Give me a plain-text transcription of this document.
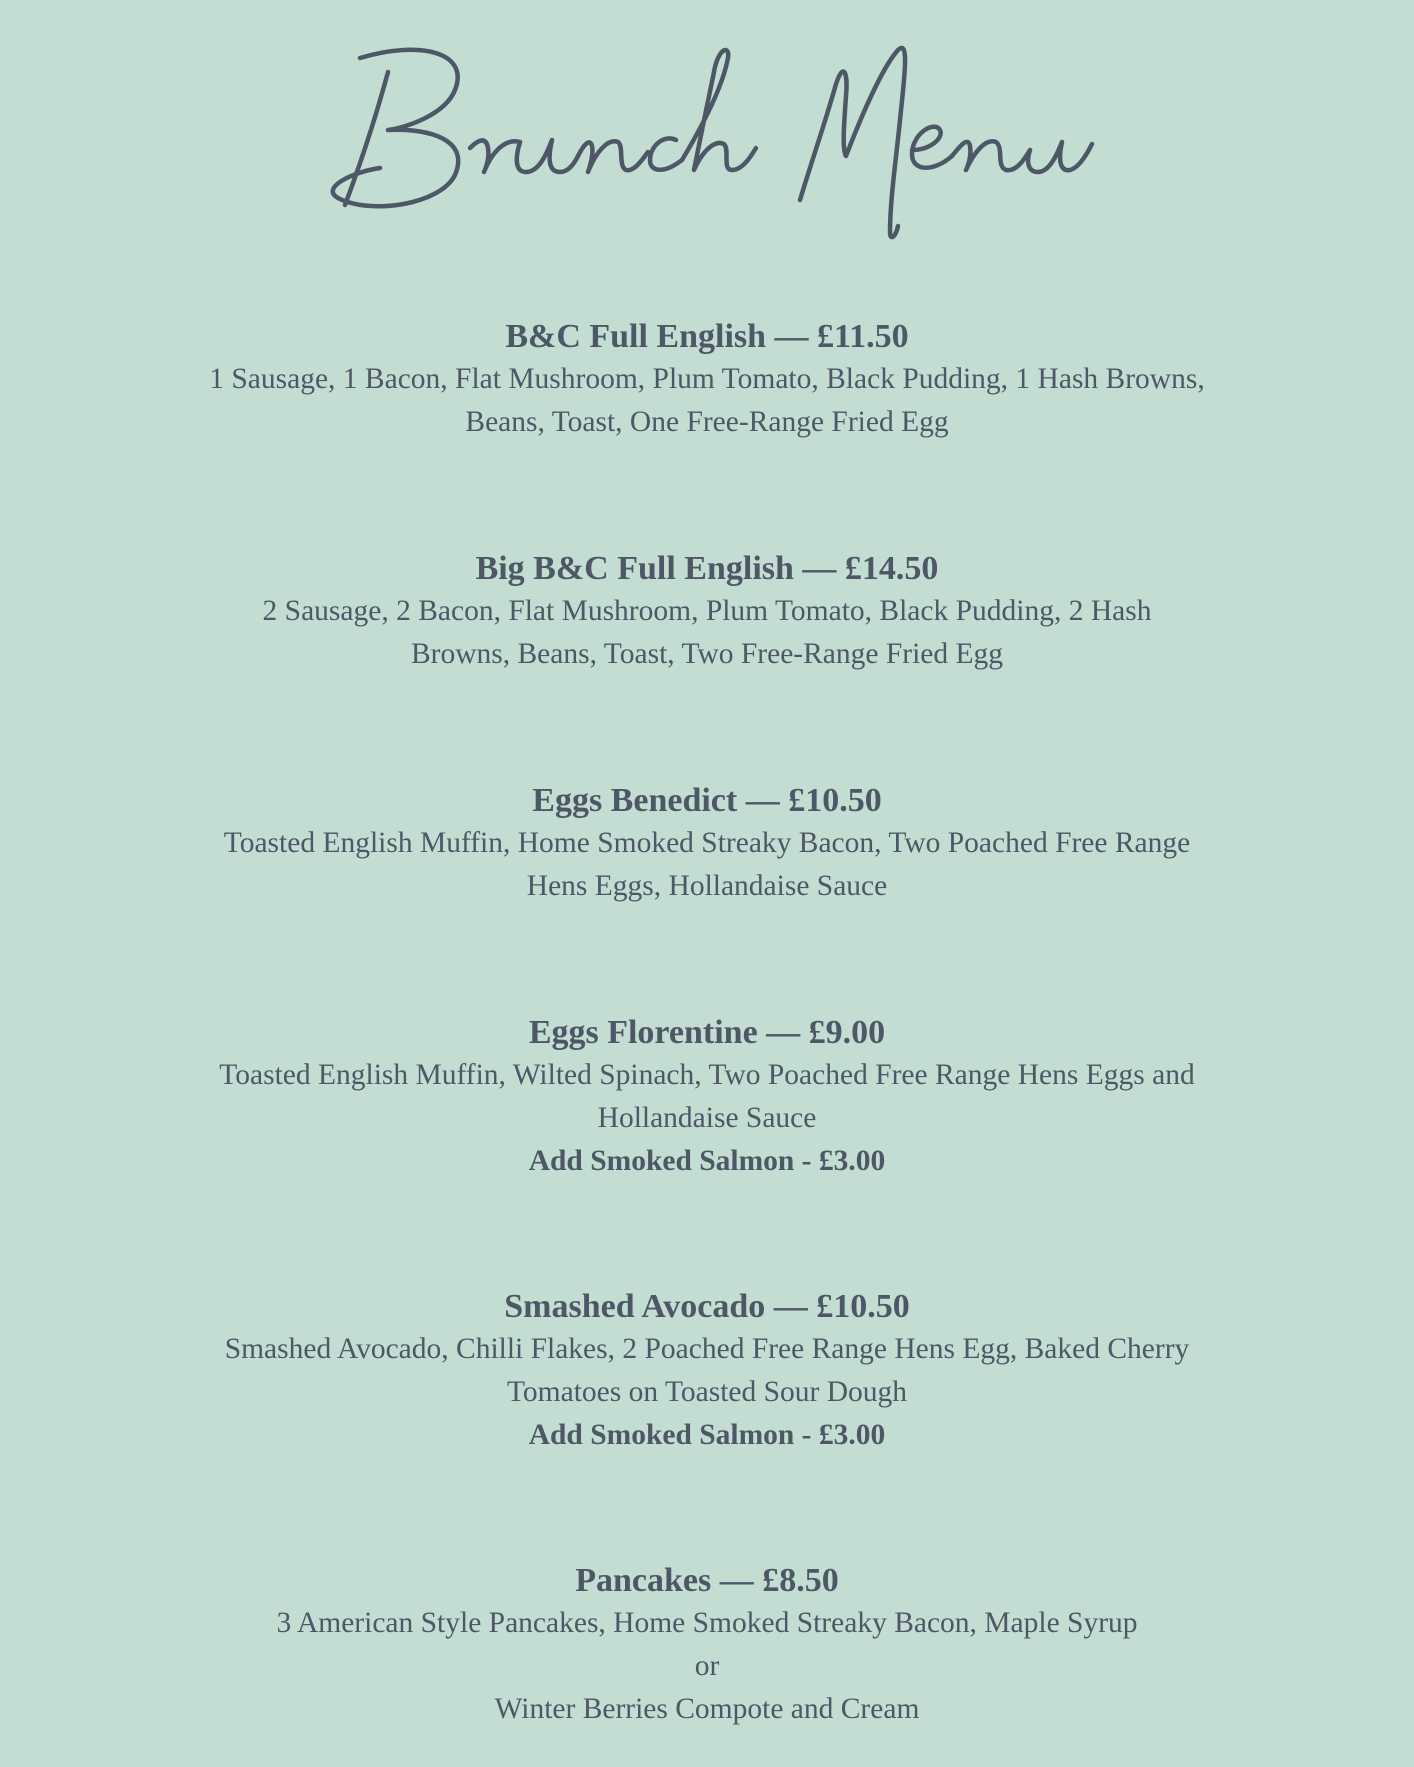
B&C Full English — £11.50

1 Sausage, 1 Bacon, Flat Mushroom, Plum Tomato, Black Pudding, 1 Hash Browns,
Beans, Toast, One Free-Range Fried Egg

Big B&C Full English — £14.50

2 Sausage, 2 Bacon, Flat Mushroom, Plum Tomato, Black Pudding, 2 Hash
Browns, Beans, Toast, Two Free-Range Fried Egg

Eggs Benedict — £10.50

Toasted English Muffin, Home Smoked Streaky Bacon, Two Poached Free Range
Hens Eggs, Hollandaise Sauce

Eggs Florentine — £9.00

Toasted English Muffin, Wilted Spinach, Two Poached Free Range Hens Eggs and
Hollandaise Sauce

Add Smoked Salmon - £3.00

Smashed Avocado — £10.50

Smashed Avocado, Chilli Flakes, 2 Poached Free Range Hens Egg, Baked Cherry
Tomatoes on Toasted Sour Dough

Add Smoked Salmon - £3.00

Pancakes — £8.50

3 American Style Pancakes, Home Smoked Streaky Bacon, Maple Syrup
or
Winter Berries Compote and Cream
